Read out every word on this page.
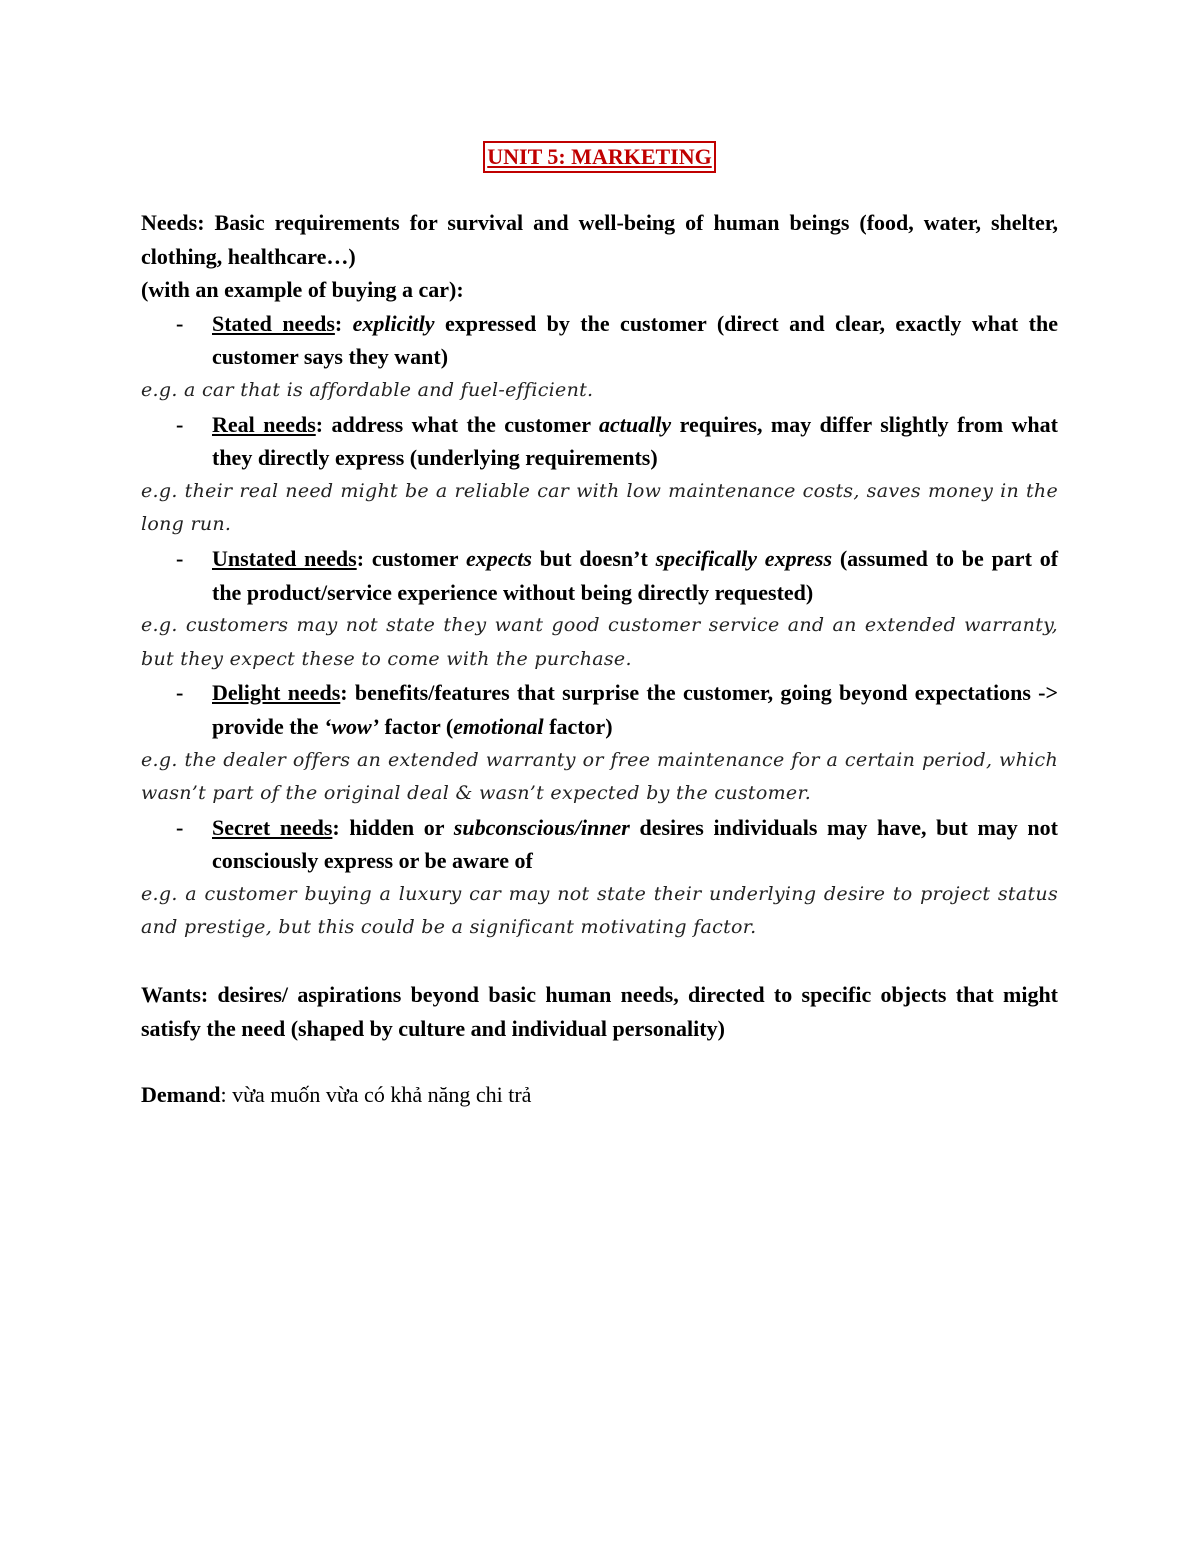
UNIT 5: MARKETING

Needs: Basic requirements for survival and well-being of human beings (food, water, shelter, clothing, healthcare…)

(with an example of buying a car):

- Stated needs: explicitly expressed by the customer (direct and clear, exactly what the customer says they want)

e.g. a car that is affordable and fuel-efficient.

- Real needs: address what the customer actually requires, may differ slightly from what they directly express (underlying requirements)

e.g. their real need might be a reliable car with low maintenance costs, saves money in the long run.

- Unstated needs: customer expects but doesn’t specifically express (assumed to be part of the product/service experience without being directly requested)

e.g. customers may not state they want good customer service and an extended warranty, but they expect these to come with the purchase.

- Delight needs: benefits/features that surprise the customer, going beyond expectations -> provide the ‘wow’ factor (emotional factor)

e.g. the dealer offers an extended warranty or free maintenance for a certain period, which wasn’t part of the original deal & wasn’t expected by the customer.

- Secret needs: hidden or subconscious/inner desires individuals may have, but may not consciously express or be aware of

e.g. a customer buying a luxury car may not state their underlying desire to project status and prestige, but this could be a significant motivating factor.

Wants: desires/ aspirations beyond basic human needs, directed to specific objects that might satisfy the need (shaped by culture and individual personality)

Demand: vừa muốn vừa có khả năng chi trả
